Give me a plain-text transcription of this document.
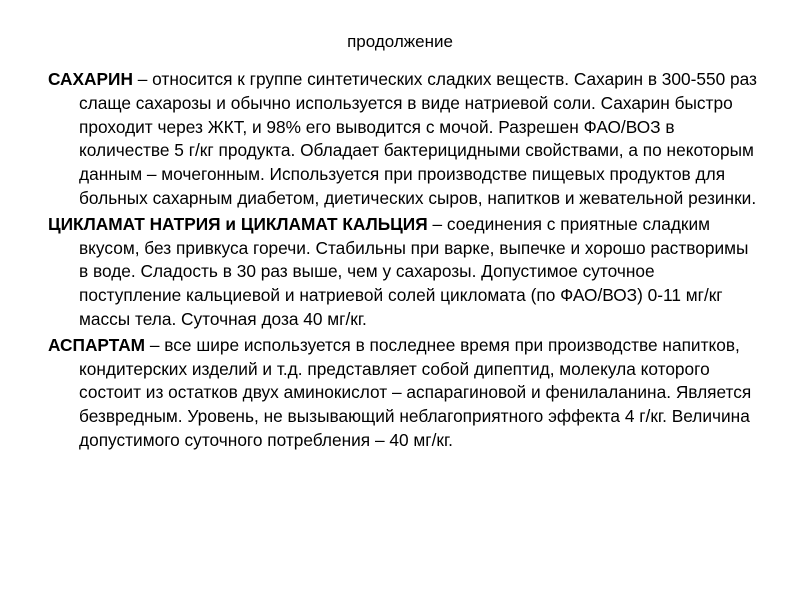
продолжение

САХАРИН – относится к группе синтетических сладких веществ. Сахарин в 300-550 раз слаще сахарозы и обычно используется в виде натриевой соли. Сахарин быстро проходит через ЖКТ, и 98% его выводится с мочой. Разрешен ФАО/ВОЗ в количестве 5 г/кг продукта. Обладает бактерицидными свойствами, а по некоторым данным – мочегонным. Используется при производстве пищевых продуктов для больных сахарным диабетом, диетических сыров, напитков и жевательной резинки.

ЦИКЛАМАТ НАТРИЯ и ЦИКЛАМАТ КАЛЬЦИЯ – соединения с приятные сладким вкусом, без привкуса горечи. Стабильны при варке, выпечке и хорошо растворимы в воде. Сладость в 30 раз выше, чем у сахарозы. Допустимое суточное поступление кальциевой и натриевой солей цикломата (по ФАО/ВОЗ) 0-11 мг/кг массы тела. Суточная доза 40 мг/кг.

АСПАРТАМ – все шире используется в последнее время при производстве напитков, кондитерских изделий и т.д. представляет собой дипептид, молекула которого состоит из остатков двух аминокислот – аспарагиновой и фенилаланина. Является безвредным. Уровень, не вызывающий неблагоприятного эффекта 4 г/кг. Величина допустимого суточного потребления – 40 мг/кг.
